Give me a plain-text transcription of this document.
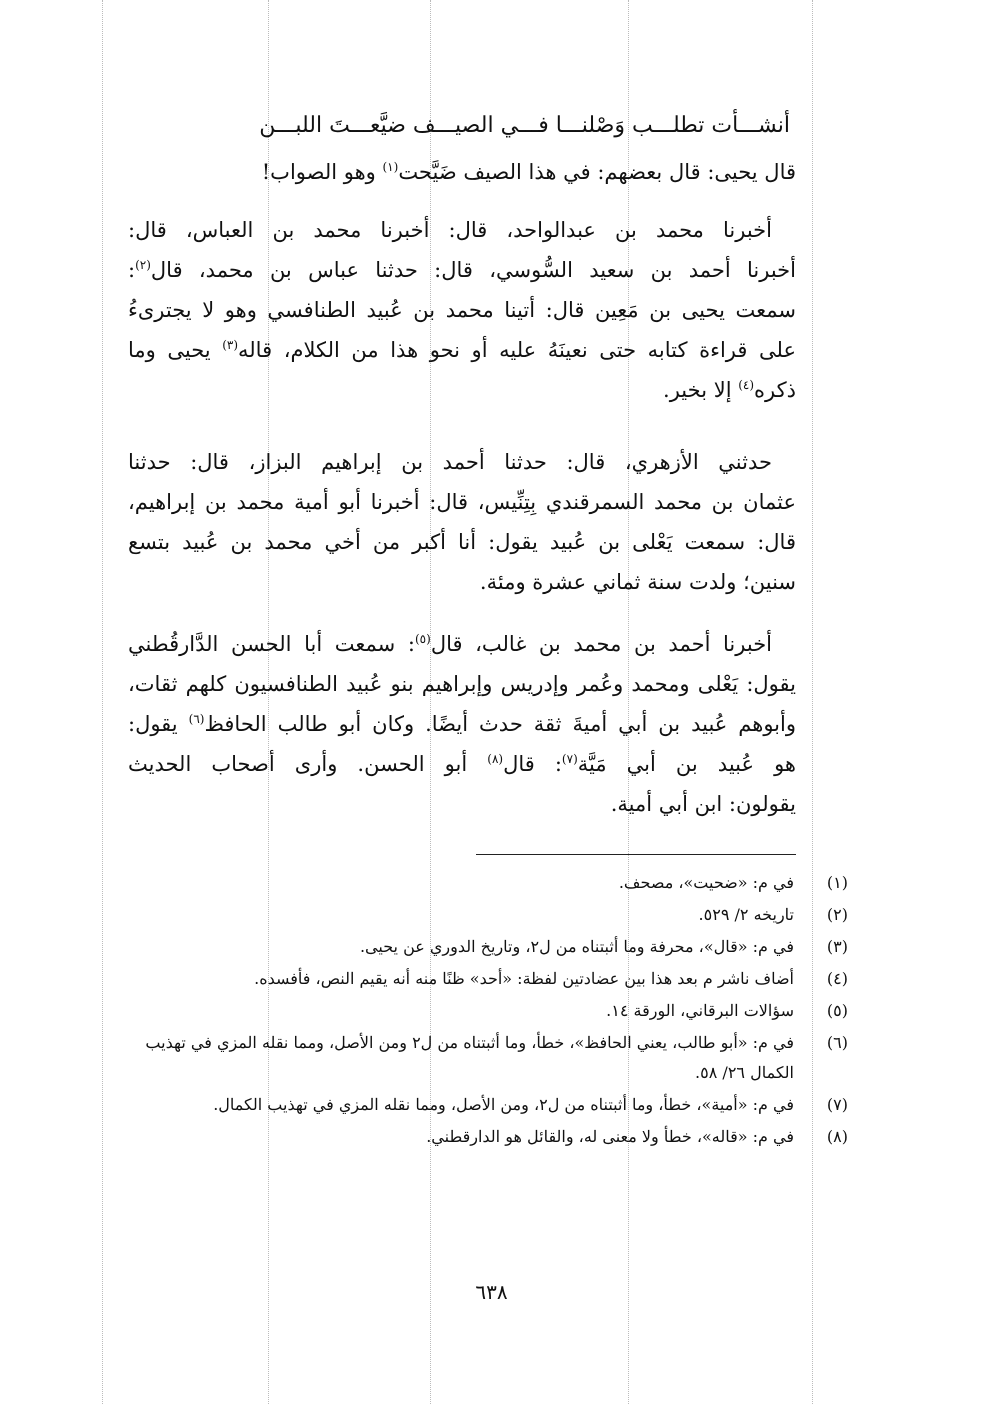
أنشـــأت تطلـــب وَصْلنـــا فـــي الصيـــف ضيَّعـــتَ اللبـــن
قال يحيى: قال بعضهم: في هذا الصيف ضَيَّحت$^{(١)}$ وهو الصواب!
أخبرنا محمد بن عبدالواحد، قال: أخبرنا محمد بن العباس، قال:
أخبرنا أحمد بن سعيد السُّوسي، قال: حدثنا عباس بن محمد، قال$^{(٢)}$:
سمعت يحيى بن مَعِين قال: أتينا محمد بن عُبيد الطنافسي وهو لا يجترىءُ
على قراءة كتابه حتى نعينَهُ عليه أو نحو هذا من الكلام، قاله$^{(٣)}$ يحيى وما
ذكره$^{(٤)}$ إلا بخير.
حدثني الأزهري، قال: حدثنا أحمد بن إبراهيم البزاز، قال: حدثنا
عثمان بن محمد السمرقندي بِتِنِّيس، قال: أخبرنا أبو أمية محمد بن إبراهيم،
قال: سمعت يَعْلى بن عُبيد يقول: أنا أكبر من أخي محمد بن عُبيد بتسع
سنين؛ ولدت سنة ثماني عشرة ومئة.
أخبرنا أحمد بن محمد بن غالب، قال$^{(٥)}$: سمعت أبا الحسن الدَّارقُطني
يقول: يَعْلى ومحمد وعُمر وإدريس وإبراهيم بنو عُبيد الطنافسيون كلهم ثقات،
وأبوهم عُبيد بن أبي أميةَ ثقة حدث أيضًا. وكان أبو طالب الحافظ$^{(٦)}$ يقول:
هو عُبيد بن أبي مَيَّة$^{(٧)}$: قال$^{(٨)}$ أبو الحسن. وأرى أصحاب الحديث
يقولون: ابن أبي أمية.
(١)
في م: «ضحيت»، مصحف.
(٢)
تاريخه ٢/ ٥٢٩.
(٣)
في م: «قال»، محرفة وما أثبتناه من ل٢، وتاريخ الدوري عن يحيى.
(٤)
أضاف ناشر م بعد هذا بين عضادتين لفظة: «أحد» ظنًا منه أنه يقيم النص، فأفسده.
(٥)
سؤالات البرقاني، الورقة ١٤.
(٦)
في م: «أبو طالب، يعني الحافظ»، خطأ، وما أثبتناه من ل٢ ومن الأصل، ومما نقله المزي في تهذيب الكمال ٢٦/ ٥٨.
(٧)
في م: «أمية»، خطأ، وما أثبتناه من ل٢، ومن الأصل، ومما نقله المزي في تهذيب الكمال.
(٨)
في م: «قاله»، خطأ ولا معنى له، والقائل هو الدارقطني.
٦٣٨
